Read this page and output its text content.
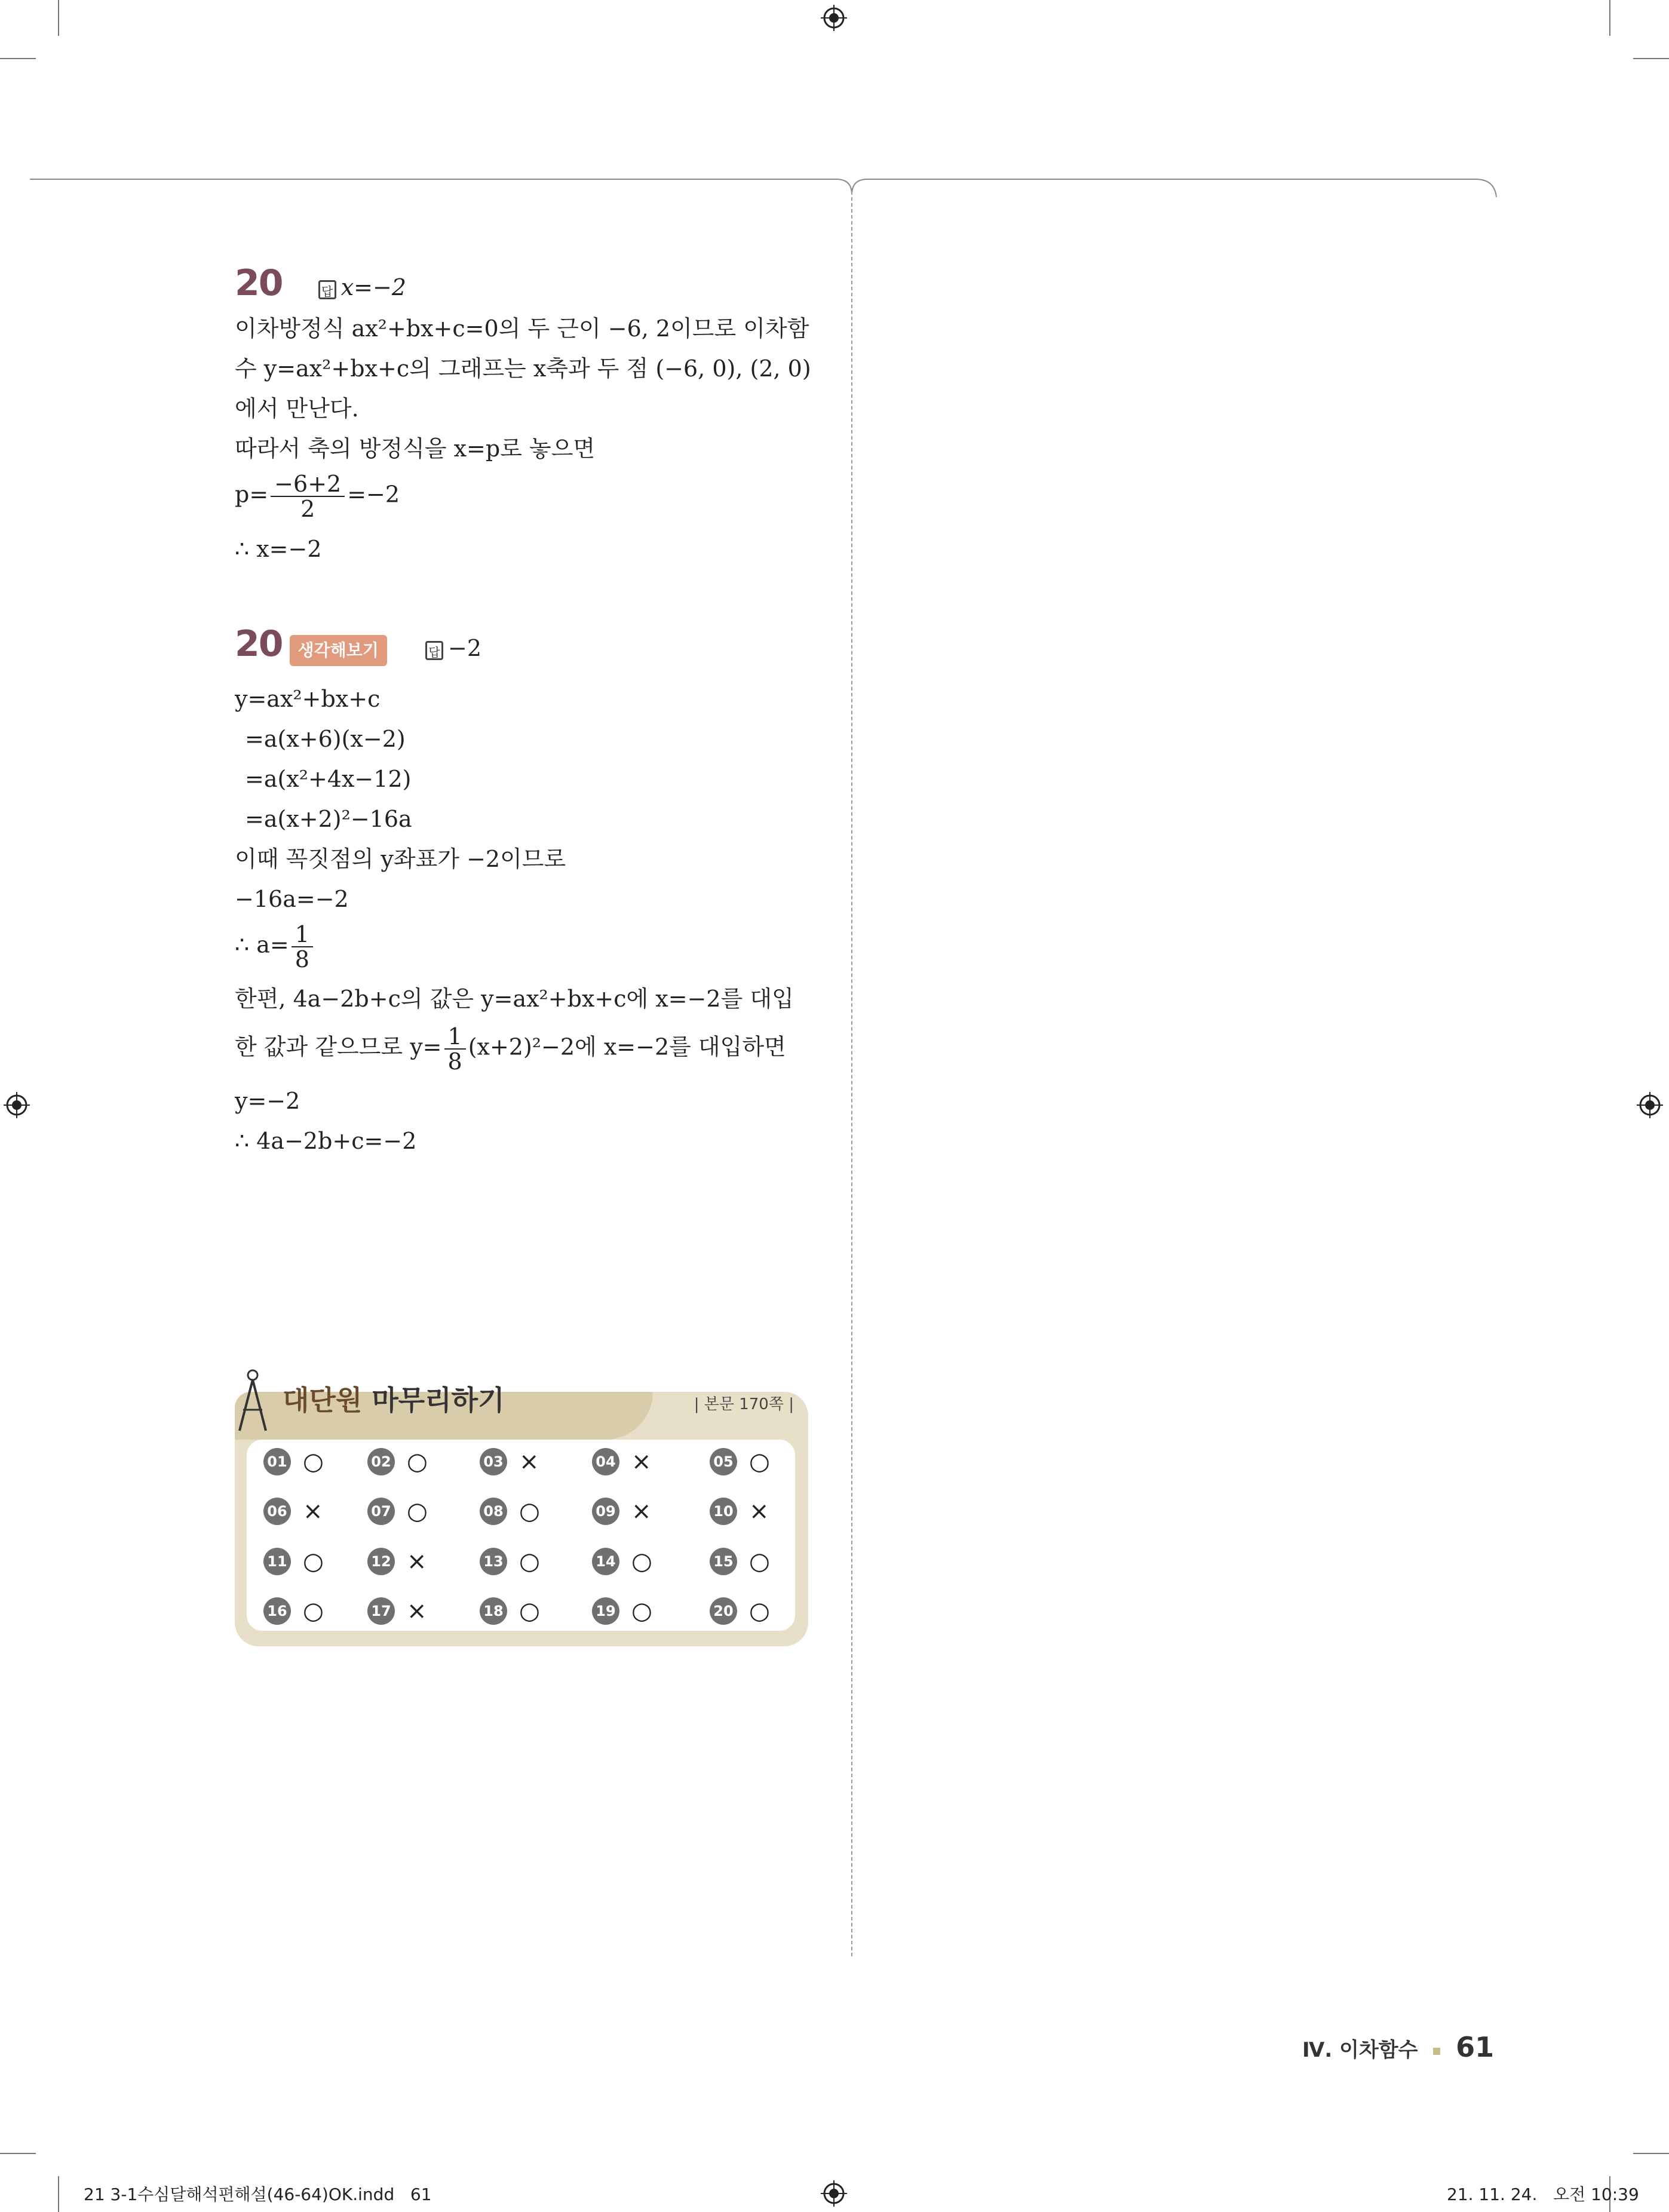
20	답 x=−2
이차방정식 ax²+bx+c=0의 두 근이 −6, 2이므로 이차함
수 y=ax²+bx+c의 그래프는 x축과 두 점 (−6, 0), (2, 0)
에서 만난다.
따라서 축의 방정식을 x=p로 놓으면
$p= \frac{-6+2}{2} =-2$
∴ x=−2
20 생각해보기	답 −2
y=ax²+bx+c
=a(x+6)(x−2)
=a(x²+4x−12)
=a(x+2)²−16a
이때 꼭짓점의 y좌표가 −2이므로
−16a=−2
∴ $a= \frac{1}{8}$
한편, 4a−2b+c의 값은 y=ax²+bx+c에 x=−2를 대입
한 값과 같으므로 $y= \frac{1}{8} (x+2)^2-2$에 x=−2를 대입하면
y=−2
∴ 4a−2b+c=−2
대단원 마무리하기	| 본문 170쪽 |
01 ○	02 ○	03 ×	04 ×	05 ○
06 ×	07 ○	08 ○	09 ×	10 ×
11 ○	12 ×	13 ○	14 ○	15 ○
16 ○	17 ×	18 ○	19 ○	20 ○
Ⅳ. 이차함수 61
21 3-1수심달해석편해설(46-64)OK.indd   61	21. 11. 24.   오전 10:39
